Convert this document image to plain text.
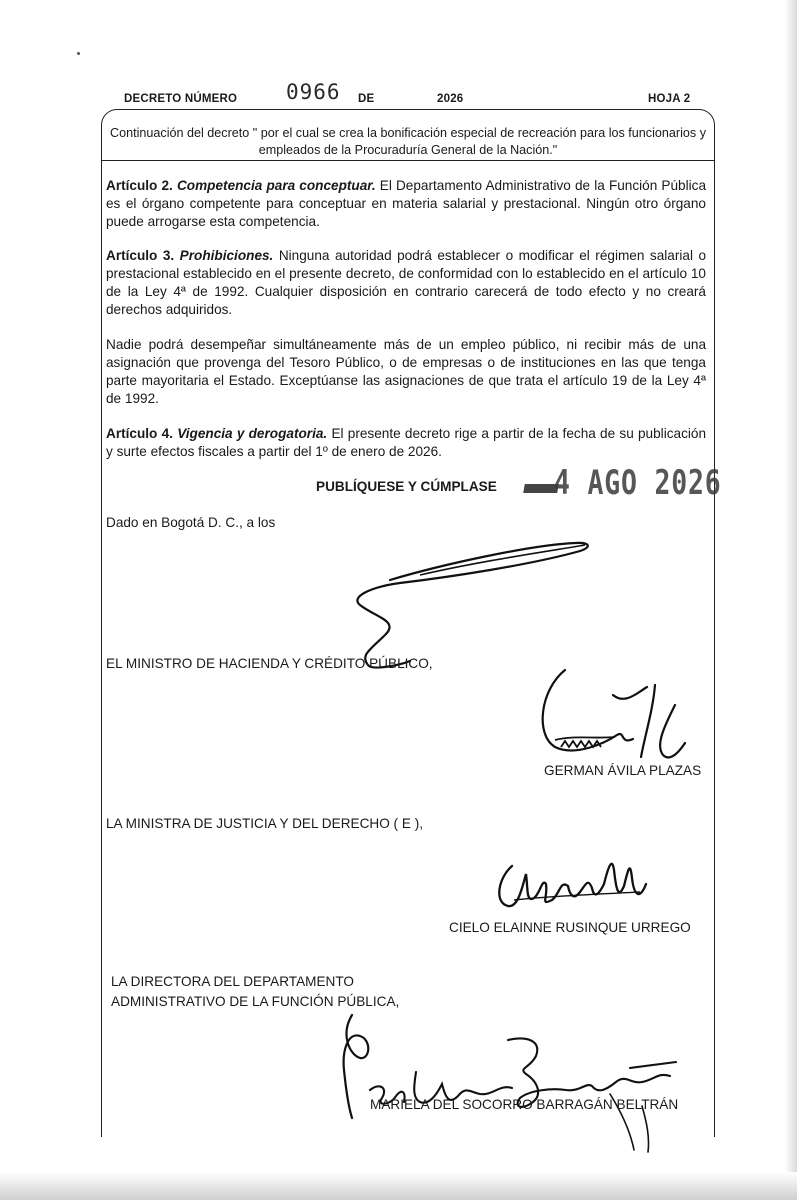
DECRETO NÚMERO 0966 DE	2026	HOJA 2
Continuación del decreto " por el cual se crea la bonificación especial de recreación para los funcionarios y empleados de la Procuraduría General de la Nación."
Artículo 2. Competencia para conceptuar. El Departamento Administrativo de la Función Pública es el órgano competente para conceptuar en materia salarial y prestacional. Ningún otro órgano puede arrogarse esta competencia.
Artículo 3. Prohibiciones. Ninguna autoridad podrá establecer o modificar el régimen salarial o prestacional establecido en el presente decreto, de conformidad con lo establecido en el artículo 10 de la Ley 4ª de 1992. Cualquier disposición en contrario carecerá de todo efecto y no creará derechos adquiridos.
Nadie podrá desempeñar simultáneamente más de un empleo público, ni recibir más de una asignación que provenga del Tesoro Público, o de empresas o de instituciones en las que tenga parte mayoritaria el Estado. Exceptúanse las asignaciones de que trata el artículo 19 de la Ley 4ª de 1992.
Artículo 4. Vigencia y derogatoria. El presente decreto rige a partir de la fecha de su publicación y surte efectos fiscales a partir del 1º de enero de 2026.
PUBLÍQUESE Y CÚMPLASE 4 AGO 2026
Dado en Bogotá D. C., a los
EL MINISTRO DE HACIENDA Y CRÉDITO PÚBLICO,
GERMAN ÁVILA PLAZAS
LA MINISTRA DE JUSTICIA Y DEL DERECHO ( E ),
CIELO ELAINNE RUSINQUE URREGO
LA DIRECTORA DEL DEPARTAMENTO
ADMINISTRATIVO DE LA FUNCIÓN PÚBLICA,
MARIELA DEL SOCORRO BARRAGÁN BELTRÁN
